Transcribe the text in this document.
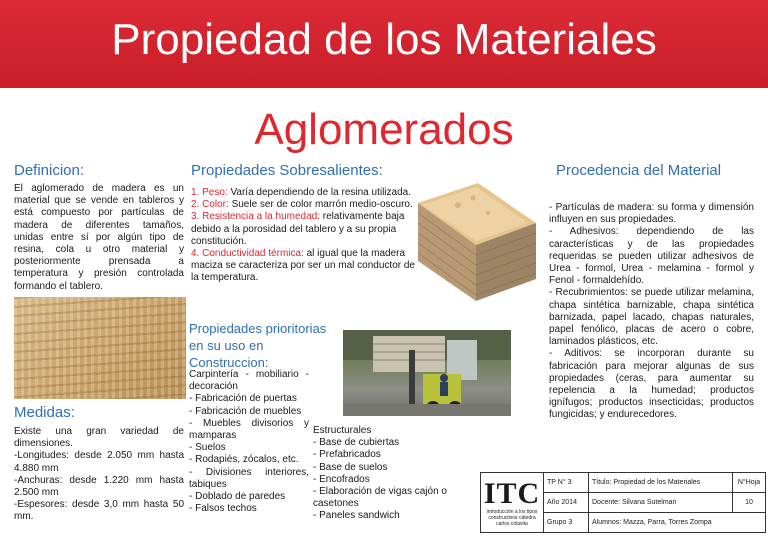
Propiedad de los Materiales
Aglomerados
Definicion:
El aglomerado de madera es un material que se vende en tableros y está compuesto por partículas de madera de diferentes tamaños, unidas entre sí por algún tipo de resina, cola u otro material y posteriormente prensada a temperatura y presión controlada formando el tablero.
Propiedades Sobresalientes:
1. Peso: Varía dependiendo de la resina utilizada.
2. Color: Suele ser de color marrón medio-oscuro.
3. Resistencia a la humedad: relativamente baja debido a la porosidad del tablero y a su propia constitución.
4. Conductividad térmica: al igual que la madera maciza se caracteriza por ser un mal conductor de la temperatura.
Procedencia del Material
- Partículas de madera: su forma y dimensión influyen en sus propiedades.
- Adhesivos: dependiendo de las características y de las propiedades requeridas se pueden utilizar adhesivos de Urea - formol, Urea - melamina - formol y Fenol - formaldehído.
- Recubrimientos: se puede utilizar melamina, chapa sintética barnizable, chapa sintética barnizada, papel lacado, chapas naturales, papel fenólico, placas de acero o cobre, laminados plásticos, etc.
- Aditivos: se incorporan durante su fabricación para mejorar algunas de sus propiedades (ceras, para aumentar su repelencia a la humedad; productos ignífugos; productos insecticidas; productos fungicidas; y endurecedores.
Propiedades prioritorias en su uso en Construccion:
Carpintería - mobiliario - decoración
- Fabricación de puertas
- Fabricación de muebles
- Muebles divisorios y mamparas
- Suelos
- Rodapiés, zócalos, etc.
- Divisiones interiores, tabiques
- Doblado de paredes
- Falsos techos
Estructurales
- Base de cubiertas
- Prefabricados
- Base de suelos
- Encofrados
- Elaboración de vigas cajón o casetones
- Paneles sandwich
Medidas:
Existe una gran variedad de dimensiones.
-Longitudes: desde 2.050 mm hasta 4.880 mm
-Anchuras: desde 1.220 mm hasta 2.500 mm
-Espesores: desde 3,0 mm hasta 50 mm.
ITC
introducción a los tipos constructivos cátedra carlos colavita	TP N° 3	Título: Propiedad de los Materiales	N°Hoja
	Año 2014	Docente: Silvana Sutelman	10
	Grupo 3	Alumnos: Mazza, Parra, Torres Zompa	
